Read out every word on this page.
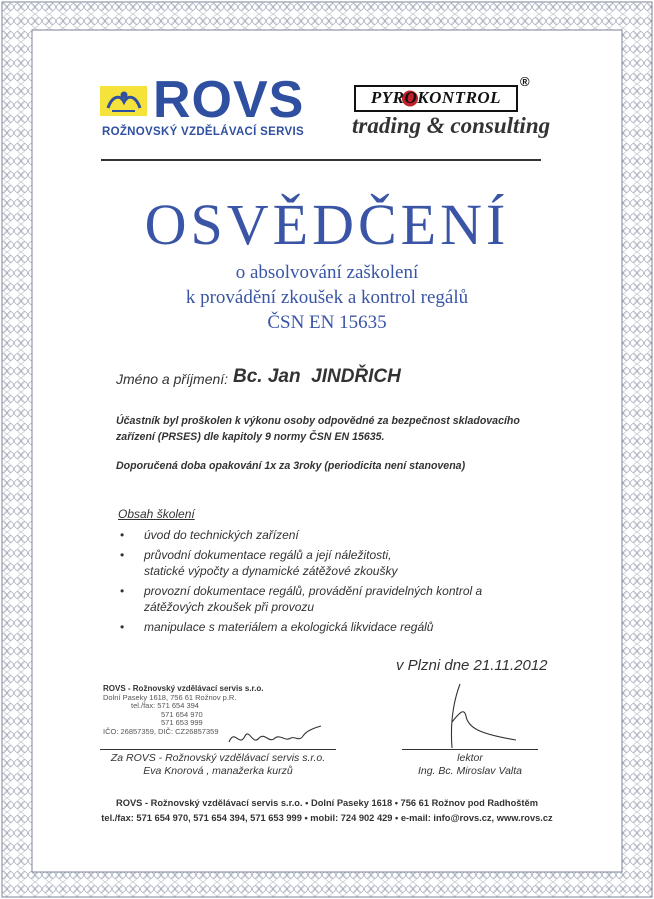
ROVS
ROŽNOVSKÝ VZDĚLÁVACÍ SERVIS
PYROKONTROL
®
trading & consulting
OSVĚDČENÍ
o absolvování zaškolení
k provádění zkoušek a kontrol regálů
ČSN EN 15635
Jméno a příjmení: Bc. Jan  JINDŘICH
Účastník byl proškolen k výkonu osoby odpovědné za bezpečnost skladovacího
zařízení (PRSES) dle kapitoly 9 normy ČSN EN 15635.
Doporučená doba opakování 1x za 3roky (periodicita není stanovena)
Obsah školení
• úvod do technických zařízení
• průvodní dokumentace regálů a její náležitosti,
statické výpočty a dynamické zátěžové zkoušky
• provozní dokumentace regálů, provádění pravidelných kontrol a
zátěžových zkoušek při provozu
• manipulace s materiálem a ekologická likvidace regálů
v Plzni dne 21.11.2012
ROVS - Rožnovský vzdělávací servis s.r.o.
Dolní Paseky 1618, 756 61 Rožnov p.R.

tel./fax: 571 654 394
571 654 970
571 653 999
IČO: 26857359, DIČ: CZ26857359
Za ROVS - Rožnovský vzdělávací servis s.r.o.
Eva Knorová , manažerka kurzů
lektor
Ing. Bc. Miroslav Valta
ROVS - Rožnovský vzdělávací servis s.r.o. • Dolní Paseky 1618 • 756 61 Rožnov pod Radhoštěm
tel./fax: 571 654 970, 571 654 394, 571 653 999 • mobil: 724 902 429 • e-mail: info@rovs.cz, www.rovs.cz
